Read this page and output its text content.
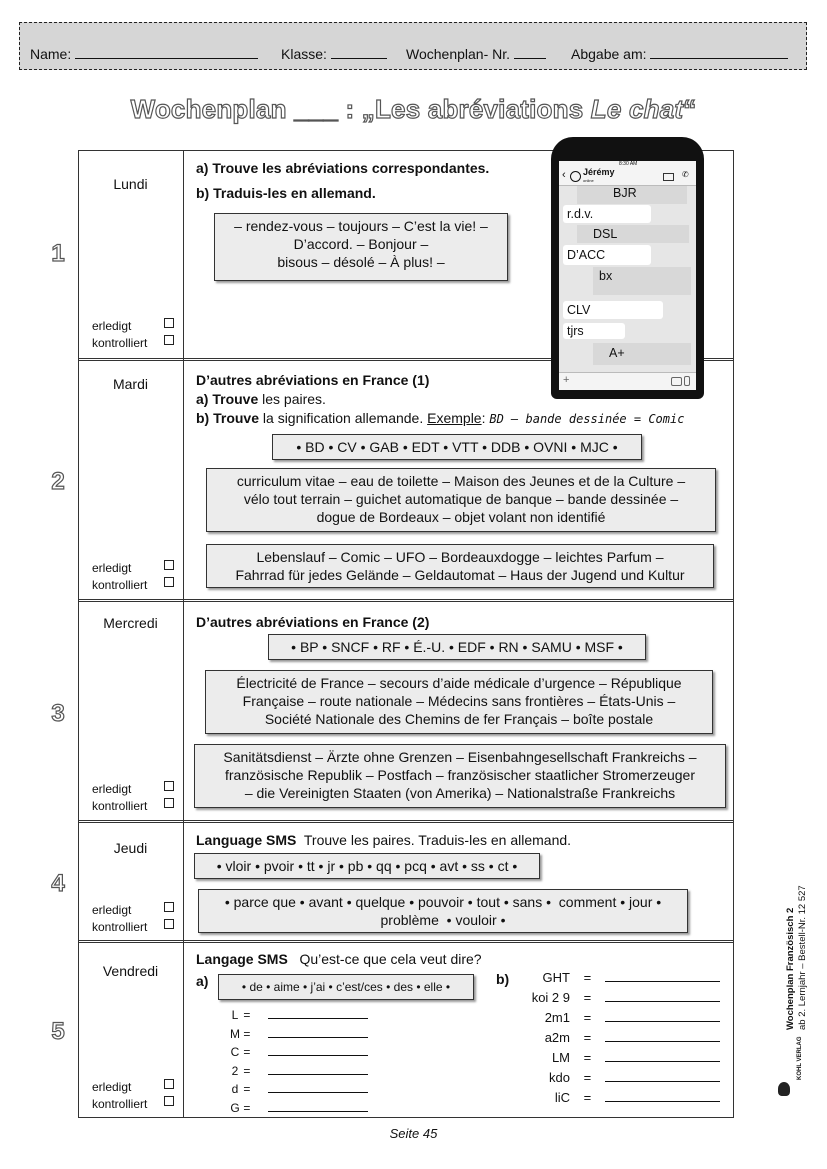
Name:	Klasse:	Wochenplan- Nr.	Abgabe am:
Wochenplan ___ : „Les abréviations Le chat“
1
Lundi
erledigt
kontrolliert
a) Trouve les abréviations correspondantes.
b) Traduis-les en allemand.
– rendez-vous – toujours – C’est la vie! –
D’accord. – Bonjour –
bisous – désolé – À plus! –
2
Mardi
erledigt
kontrolliert
D’autres abréviations en France (1)
a) Trouve les paires.
b) Trouve la signification allemande. Exemple: BD – bande dessinée = Comic
• BD • CV • GAB • EDT • VTT • DDB • OVNI • MJC •
curriculum vitae – eau de toilette – Maison des Jeunes et de la Culture –
vélo tout terrain – guichet automatique de banque – bande dessinée –
dogue de Bordeaux – objet volant non identifié
Lebenslauf – Comic – UFO – Bordeauxdogge – leichtes Parfum –
Fahrrad für jedes Gelände – Geldautomat – Haus der Jugend und Kultur
3
Mercredi
erledigt
kontrolliert
D’autres abréviations en France (2)
• BP • SNCF • RF • É.-U. • EDF • RN • SAMU • MSF •
Électricité de France – secours d’aide médicale d’urgence – République
Française – route nationale – Médecins sans frontières – États-Unis –
Société Nationale des Chemins de fer Français – boîte postale
Sanitätsdienst – Ärzte ohne Grenzen – Eisenbahngesellschaft Frankreichs –
französische Republik – Postfach – französischer staatlicher Stromerzeuger
– die Vereinigten Staaten (von Amerika) – Nationalstraße Frankreichs
4
Jeudi
erledigt
kontrolliert
Language SMS  Trouve les paires. Traduis-les en allemand.
• vloir • pvoir • tt • jr • pb • qq • pcq • avt • ss • ct •
• parce que • avant • quelque • pouvoir • tout • sans •  comment • jour •
problème  • vouloir •
5
Vendredi
erledigt
kontrolliert
Langage SMS   Qu’est-ce que cela veut dire?
a)	• de • aime • j’ai • c’est/ces • des • elle •	b)
L =
M =
C =
2 =
d =
G =
GHT =
koi 2 9 =
2m1 =
a2m =
LM =
kdo =
liC =
8:30 AM
‹ Jérémy
online
✆
BJR
r.d.v.
DSL
D’ACC
bx
CLV
tjrs
A+
+
Wochenplan Französisch 2 ab 2. Lernjahr – Bestell-Nr. 12 527
KOHL VERLAG
Seite 45
